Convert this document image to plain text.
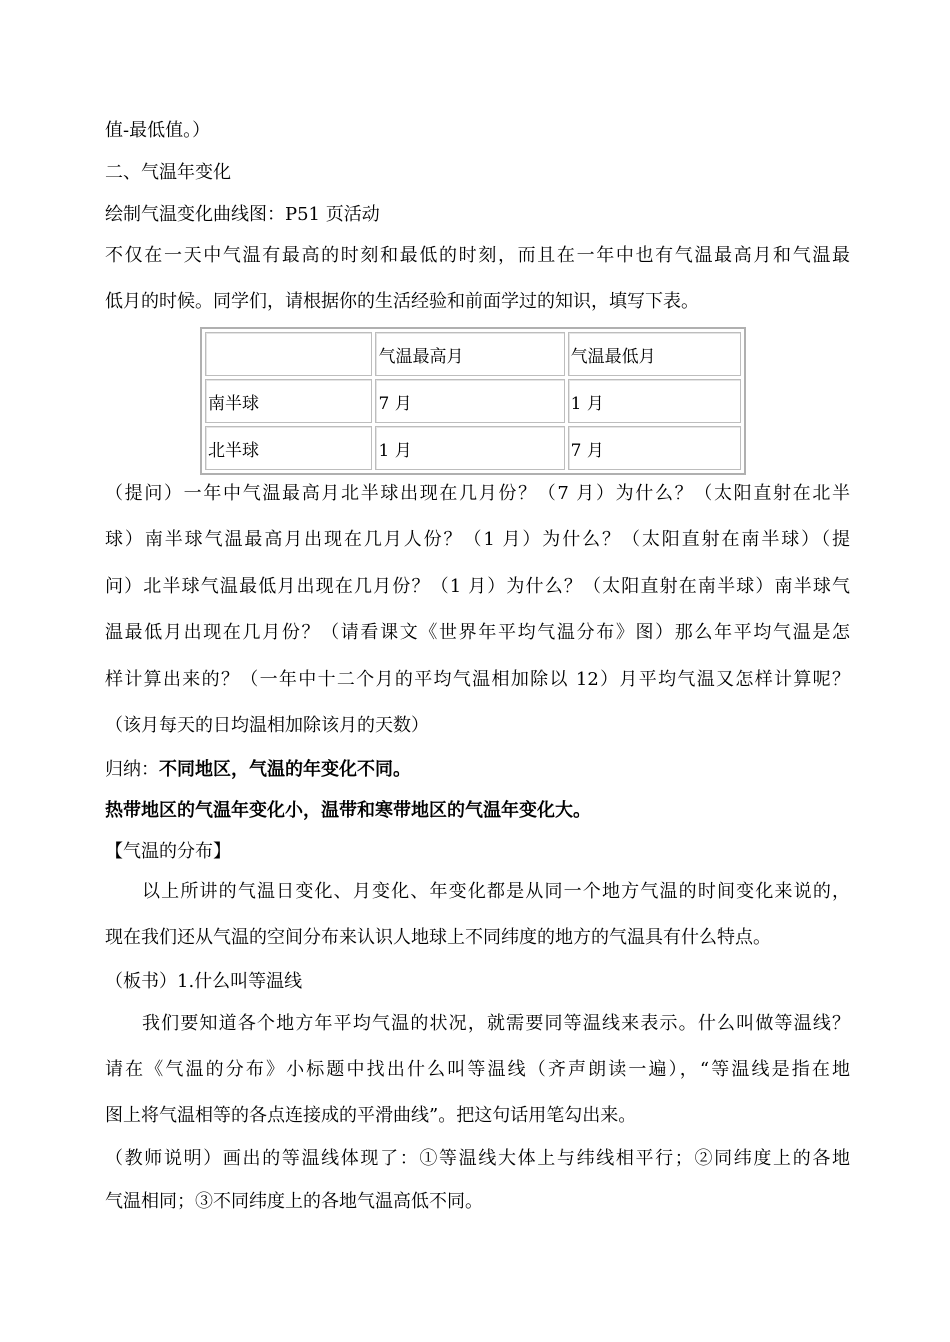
值-最低值。）
二、气温年变化
绘制气温变化曲线图：P51 页活动
不仅在一天中气温有最高的时刻和最低的时刻，而且在一年中也有气温最高月和气温最
低月的时候。同学们，请根据你的生活经验和前面学过的知识，填写下表。
	气温最高月	气温最低月
南半球	7 月	1 月
北半球	1 月	7 月
（提问）一年中气温最高月北半球出现在几月份？（7 月）为什么？（太阳直射在北半
球）南半球气温最高月出现在几月人份？（1 月）为什么？（太阳直射在南半球）（提
问）北半球气温最低月出现在几月份？（1 月）为什么？（太阳直射在南半球）南半球气
温最低月出现在几月份？（请看课文《世界年平均气温分布》图）那么年平均气温是怎
样计算出来的？（一年中十二个月的平均气温相加除以 12）月平均气温又怎样计算呢？
（该月每天的日均温相加除该月的天数）
归纳：不同地区，气温的年变化不同。
热带地区的气温年变化小，温带和寒带地区的气温年变化大。
【气温的分布】
以上所讲的气温日变化、月变化、年变化都是从同一个地方气温的时间变化来说的，
现在我们还从气温的空间分布来认识人地球上不同纬度的地方的气温具有什么特点。
（板书）1.什么叫等温线
我们要知道各个地方年平均气温的状况，就需要同等温线来表示。什么叫做等温线？
请在《气温的分布》小标题中找出什么叫等温线（齐声朗读一遍），“等温线是指在地
图上将气温相等的各点连接成的平滑曲线”。把这句话用笔勾出来。
（教师说明）画出的等温线体现了：①等温线大体上与纬线相平行；②同纬度上的各地
气温相同；③不同纬度上的各地气温高低不同。
